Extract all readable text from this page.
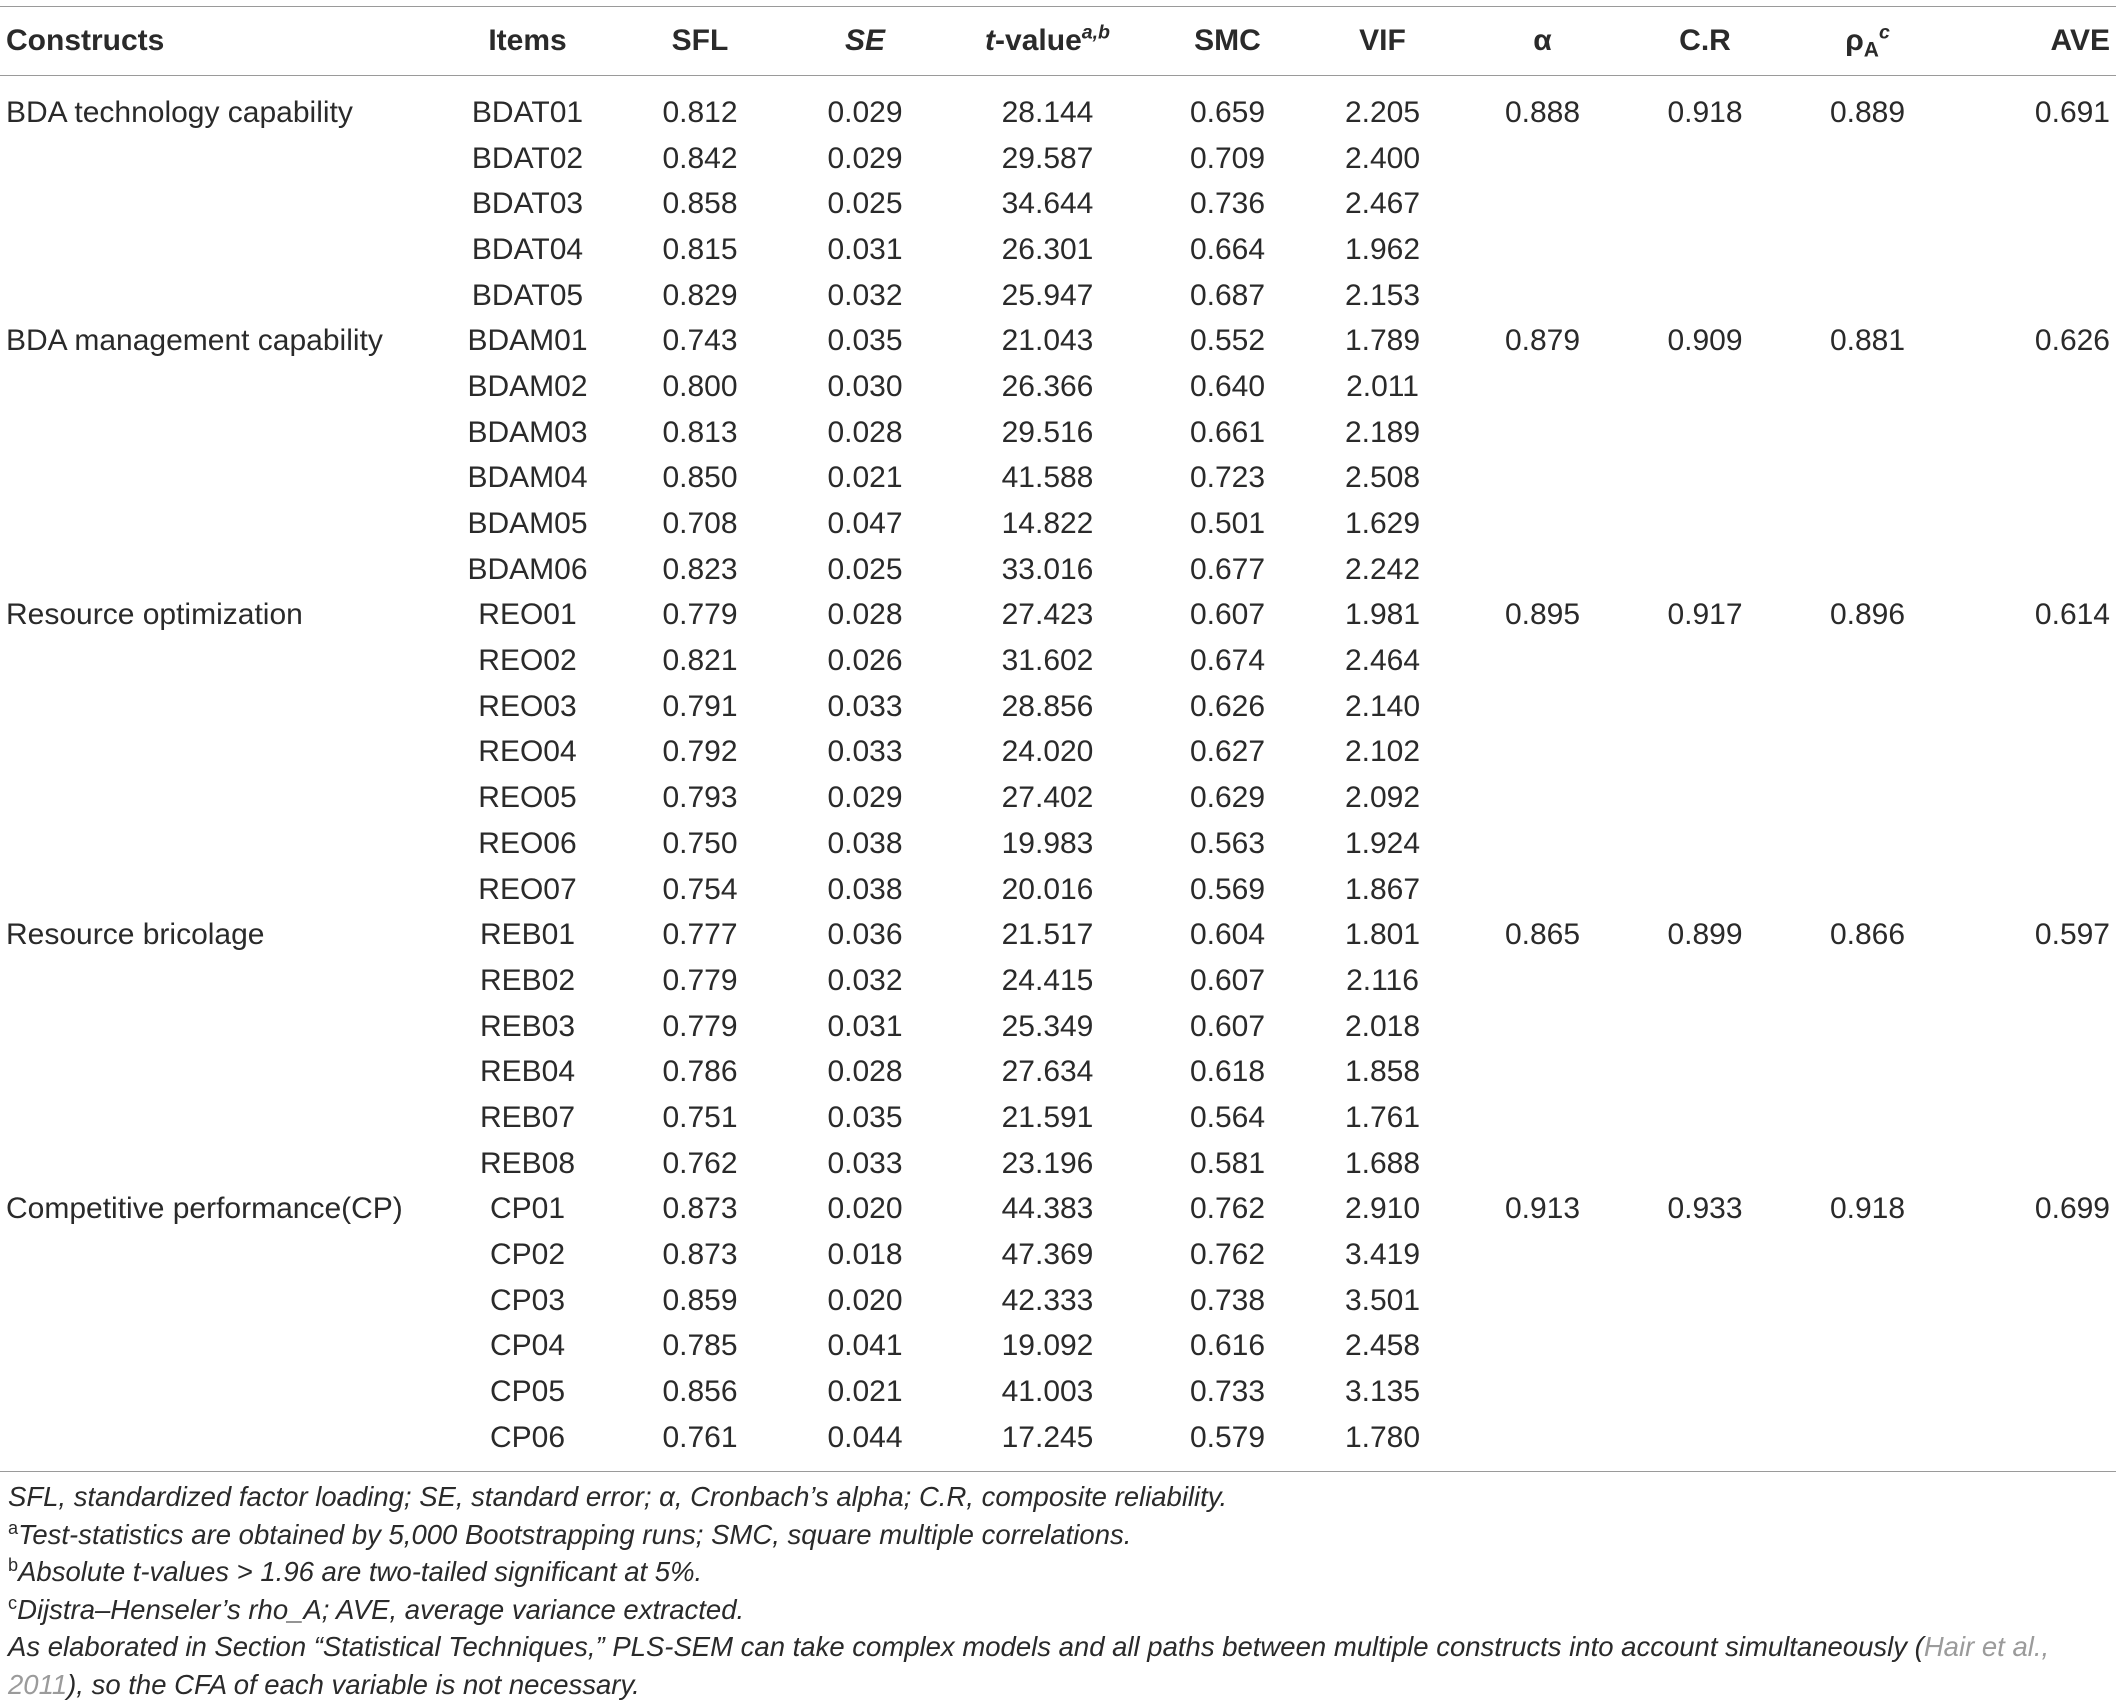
Constructs	Items	SFL	SE	t-value$^{a,b}$	SMC	VIF	α	C.R	$\rho_A^c$	AVE
BDA technology capability	BDAT01	0.812	0.029	28.144	0.659	2.205	0.888	0.918	0.889	0.691
	BDAT02	0.842	0.029	29.587	0.709	2.400				
	BDAT03	0.858	0.025	34.644	0.736	2.467				
	BDAT04	0.815	0.031	26.301	0.664	1.962				
	BDAT05	0.829	0.032	25.947	0.687	2.153				
BDA management capability	BDAM01	0.743	0.035	21.043	0.552	1.789	0.879	0.909	0.881	0.626
	BDAM02	0.800	0.030	26.366	0.640	2.011				
	BDAM03	0.813	0.028	29.516	0.661	2.189				
	BDAM04	0.850	0.021	41.588	0.723	2.508				
	BDAM05	0.708	0.047	14.822	0.501	1.629				
	BDAM06	0.823	0.025	33.016	0.677	2.242				
Resource optimization	REO01	0.779	0.028	27.423	0.607	1.981	0.895	0.917	0.896	0.614
	REO02	0.821	0.026	31.602	0.674	2.464				
	REO03	0.791	0.033	28.856	0.626	2.140				
	REO04	0.792	0.033	24.020	0.627	2.102				
	REO05	0.793	0.029	27.402	0.629	2.092				
	REO06	0.750	0.038	19.983	0.563	1.924				
	REO07	0.754	0.038	20.016	0.569	1.867				
Resource bricolage	REB01	0.777	0.036	21.517	0.604	1.801	0.865	0.899	0.866	0.597
	REB02	0.779	0.032	24.415	0.607	2.116				
	REB03	0.779	0.031	25.349	0.607	2.018				
	REB04	0.786	0.028	27.634	0.618	1.858				
	REB07	0.751	0.035	21.591	0.564	1.761				
	REB08	0.762	0.033	23.196	0.581	1.688				
Competitive performance(CP)	CP01	0.873	0.020	44.383	0.762	2.910	0.913	0.933	0.918	0.699
	CP02	0.873	0.018	47.369	0.762	3.419				
	CP03	0.859	0.020	42.333	0.738	3.501				
	CP04	0.785	0.041	19.092	0.616	2.458				
	CP05	0.856	0.021	41.003	0.733	3.135				
	CP06	0.761	0.044	17.245	0.579	1.780				

SFL, standardized factor loading; SE, standard error; α, Cronbach’s alpha; C.R, composite reliability.

$^a$Test-statistics are obtained by 5,000 Bootstrapping runs; SMC, square multiple correlations.

$^b$Absolute t-values > 1.96 are two-tailed significant at 5%.

$^c$Dijstra–Henseler’s rho_A; AVE, average variance extracted.

As elaborated in Section “Statistical Techniques,” PLS-SEM can take complex models and all paths between multiple constructs into account simultaneously (Hair et al., 2011), so the CFA of each variable is not necessary.
